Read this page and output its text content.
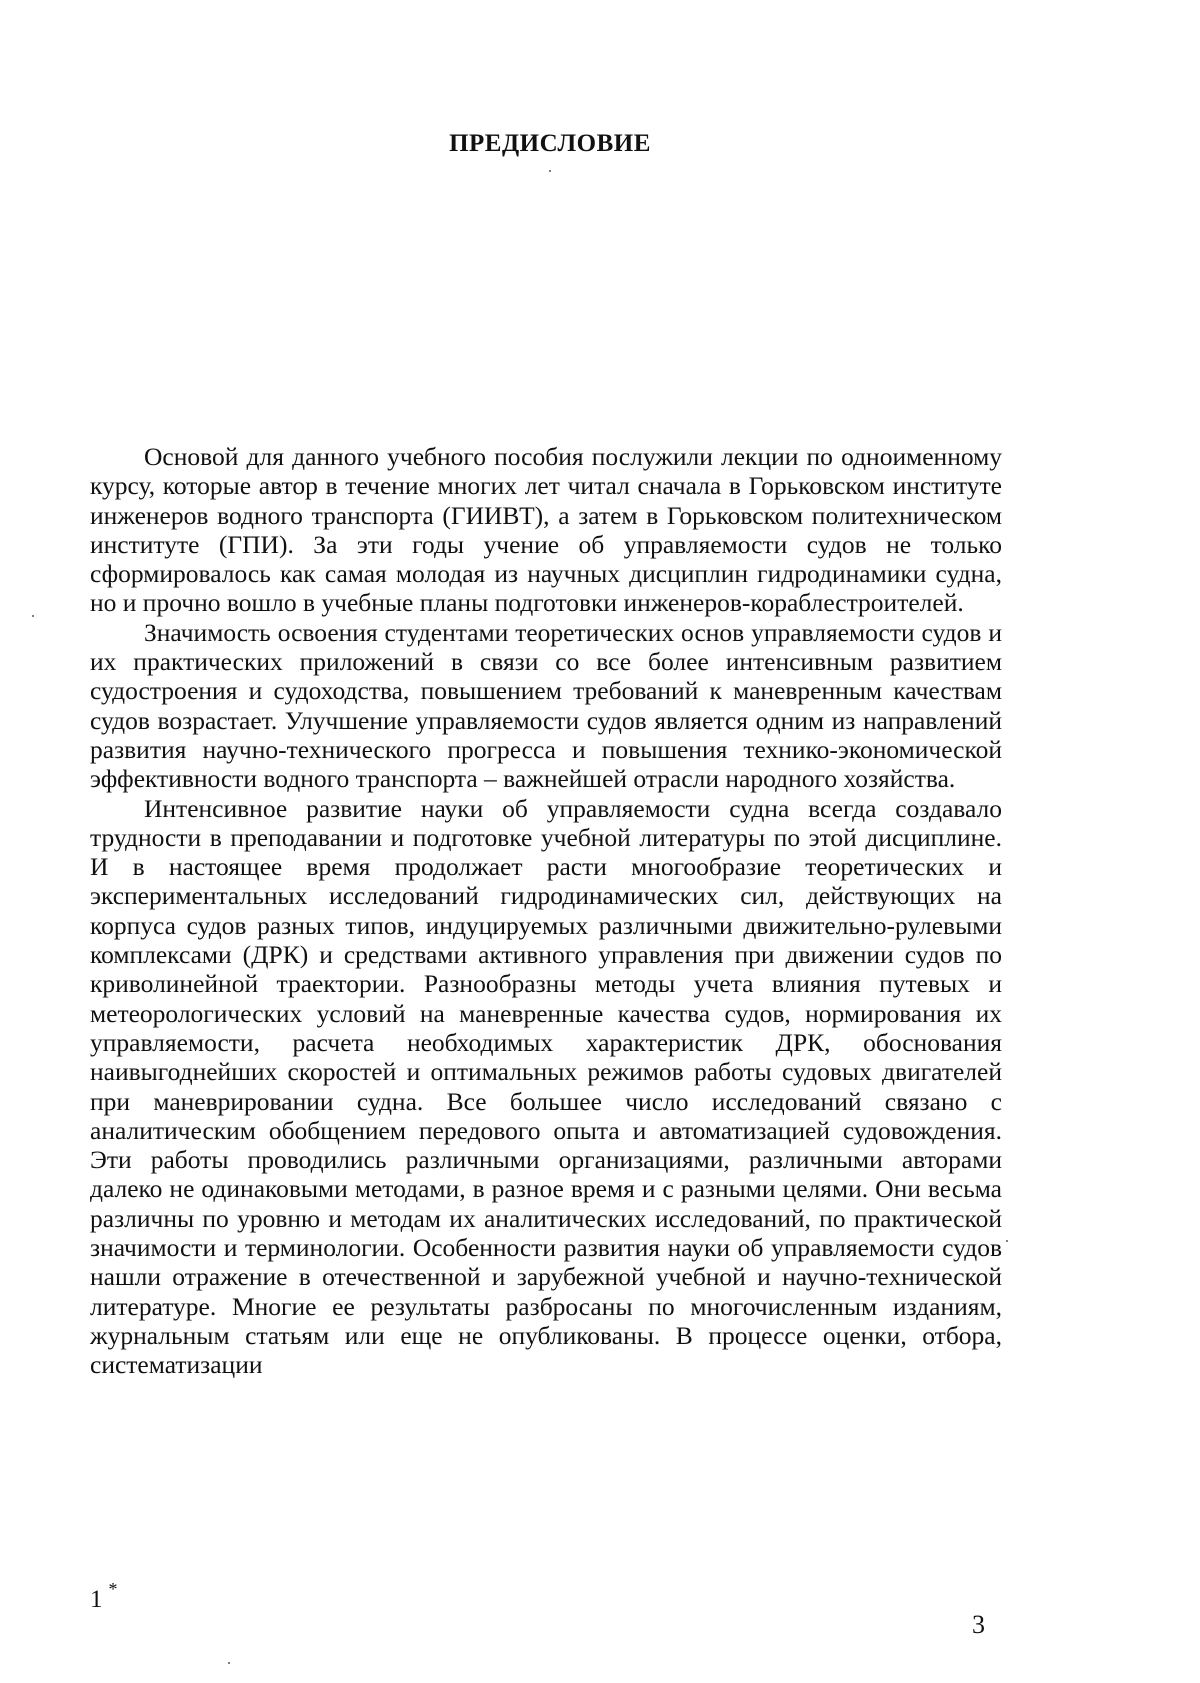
ПРЕДИСЛОВИЕ

Основой для данного учебного пособия послужили лекции по одноименному курсу, которые автор в течение многих лет читал сначала в Горьковском институте инженеров водного транспорта (ГИИВТ), а затем в Горьковском политехническом институте (ГПИ). За эти годы учение об управляемости судов не только сформировалось как самая молодая из научных дисциплин гидродинамики судна, но и прочно вошло в учебные планы подготовки инженеров-кораблестроителей.

Значимость освоения студентами теоретических основ управляемости судов и их практических приложений в связи со все более интенсивным развитием судостроения и судоходства, повышением требований к маневренным качествам судов возрастает. Улучшение управляемости судов является одним из направлений развития научно-технического прогресса и повышения технико-экономической эффективности водного транспорта – важнейшей отрасли народного хозяйства.

Интенсивное развитие науки об управляемости судна всегда создавало трудности в преподавании и подготовке учебной литературы по этой дисциплине. И в настоящее время продолжает расти многообразие теоретических и экспериментальных исследований гидродинамических сил, действующих на корпуса судов разных типов, индуцируемых различными движительно-рулевыми комплексами (ДРК) и средствами активного управления при движении судов по криволинейной траектории. Разнообразны методы учета влияния путевых и метеорологических условий на маневренные качества судов, нормирования их управляемости, расчета необходимых характеристик ДРК, обоснования наивыгоднейших скоростей и оптимальных режимов работы судовых двигателей при маневрировании судна. Все большее число исследований связано с аналитическим обобщением передового опыта и автоматизацией судовождения. Эти работы проводились различными организациями, различными авторами далеко не одинаковыми методами, в разное время и с разными целями. Они весьма различны по уровню и методам их аналитических исследований, по практической значимости и терминологии. Особенности развития науки об управляемости судов нашли отражение в отечественной и зарубежной учебной и научно-технической литературе. Многие ее результаты разбросаны по многочисленным изданиям, журнальным статьям или еще не опубликованы. В процессе оценки, отбора, систематизации

1 *
3
